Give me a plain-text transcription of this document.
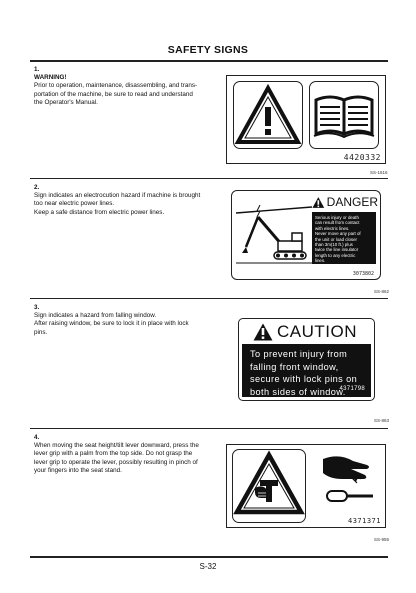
SAFETY SIGNS
1.
WARNING!

Prior to operation, maintenance, disassembling, and trans-

portation of the machine, be sure to read and understand

the Operator's Manual.

4420332
SS-1616
2.

Sign indicates an electrocution hazard if machine is brought

too near electric power lines.

Keep a safe distance from electric power lines.

DANGER
Serious injury or death
can result from contact
with electric lines.
Never move any part of
the unit or load closer
than 3m(10 ft.) plus
twice the line insulator
length to any electric
lines.
3073802
SS-862
3.

Sign indicates a hazard from falling window.

After raising window, be sure to lock it in place with lock

pins.	CAUTION
To prevent injury from
falling front window,
secure with lock pins on
both sides of window.
4371798
SS-863
4.

When moving the seat height/tilt lever downward, press the

lever grip with a palm from the top side. Do not grasp the

lever grip to operate the lever, possibly resulting in pinch of

your fingers into the seat stand.

4371371
SS-955
S-32
